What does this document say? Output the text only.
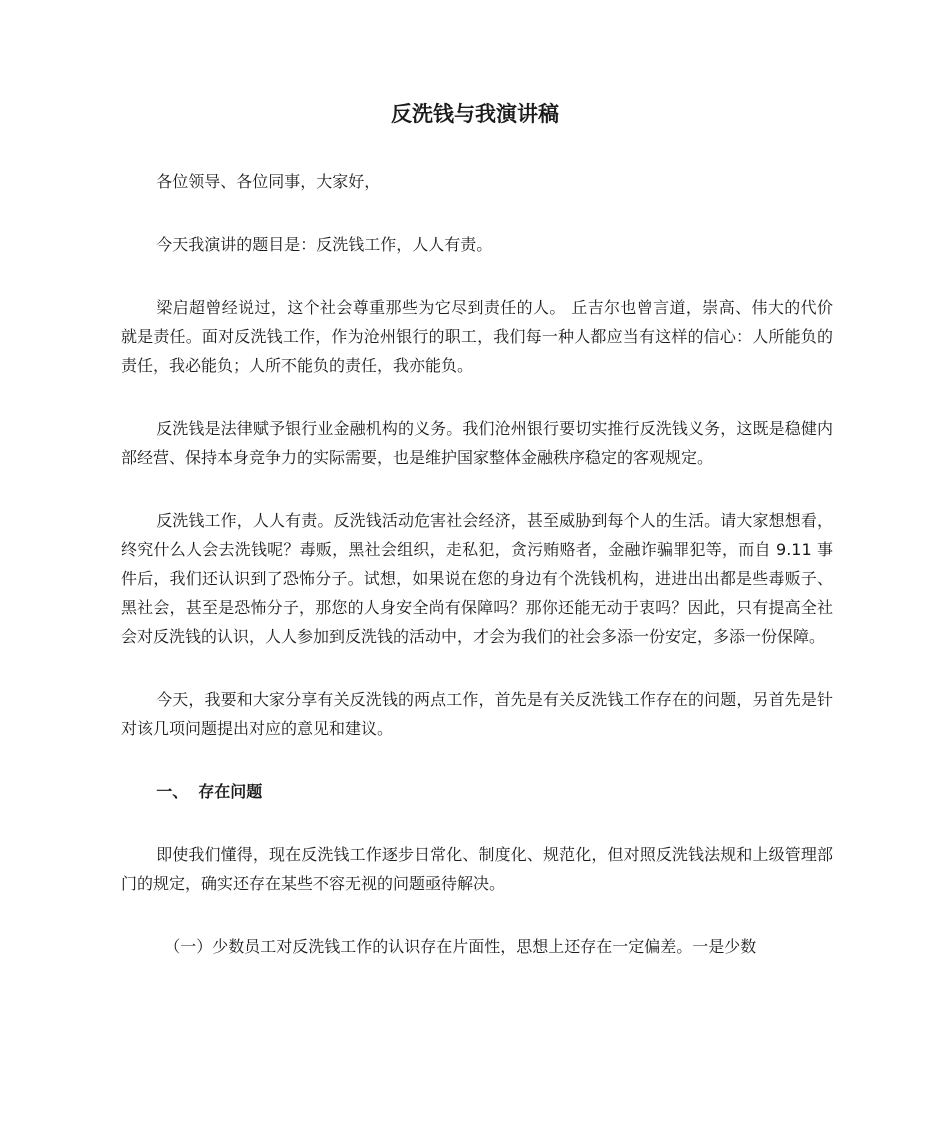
反洗钱与我演讲稿

各位领导、各位同事，大家好，

今天我演讲的题目是：反洗钱工作，人人有责。

梁启超曾经说过，这个社会尊重那些为它尽到责任的人。 丘吉尔也曾言道，崇高、伟大的代价就是责任。面对反洗钱工作，作为沧州银行的职工，我们每一种人都应当有这样的信心：人所能负的责任，我必能负；人所不能负的责任，我亦能负。

反洗钱是法律赋予银行业金融机构的义务。我们沧州银行要切实推行反洗钱义务，这既是稳健内部经营、保持本身竞争力的实际需要，也是维护国家整体金融秩序稳定的客观规定。

反洗钱工作，人人有责。反洗钱活动危害社会经济，甚至威胁到每个人的生活。请大家想想看，终究什么人会去洗钱呢？毒贩，黑社会组织，走私犯，贪污贿赂者，金融诈骗罪犯等，而自 9.11 事件后，我们还认识到了恐怖分子。试想，如果说在您的身边有个洗钱机构，进进出出都是些毒贩子、黑社会，甚至是恐怖分子，那您的人身安全尚有保障吗？那你还能无动于衷吗？因此，只有提高全社会对反洗钱的认识，人人参加到反洗钱的活动中，才会为我们的社会多添一份安定，多添一份保障。

今天，我要和大家分享有关反洗钱的两点工作，首先是有关反洗钱工作存在的问题，另首先是针对该几项问题提出对应的意见和建议。

一、 存在问题

即使我们懂得，现在反洗钱工作逐步日常化、制度化、规范化，但对照反洗钱法规和上级管理部门的规定，确实还存在某些不容无视的问题亟待解决。

（一）少数员工对反洗钱工作的认识存在片面性，思想上还存在一定偏差。一是少数
